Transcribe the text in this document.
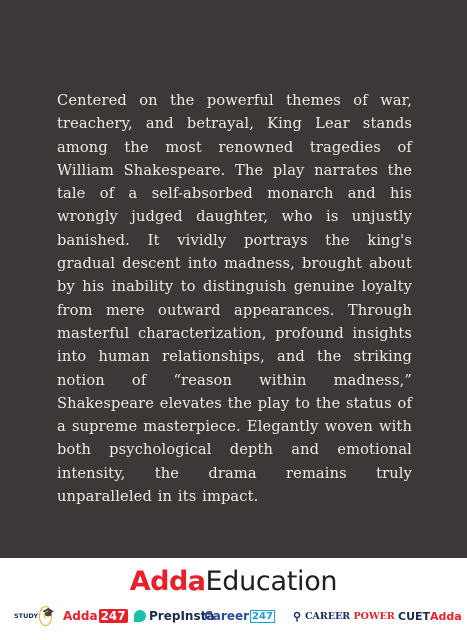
Centered on the powerful themes of war, treachery, and betrayal, King Lear stands among the most renowned tragedies of William Shakespeare. The play narrates the tale of a self-absorbed monarch and his wrongly judged daughter, who is unjustly banished. It vividly portrays the king's gradual descent into madness, brought about by his inability to distinguish genuine loyalty from mere outward appearances. Through masterful characterization, profound insights into human relationships, and the striking notion of “reason within madness,” Shakespeare elevates the play to the status of a supreme masterpiece. Elegantly woven with both psychological depth and emotional intensity, the drama remains truly unparalleled in its impact.

AddaEducation
STUDY 🎓 Adda 247 PrepInsta
Career 247 ⚲ CAREER
POWER CUET Adda
